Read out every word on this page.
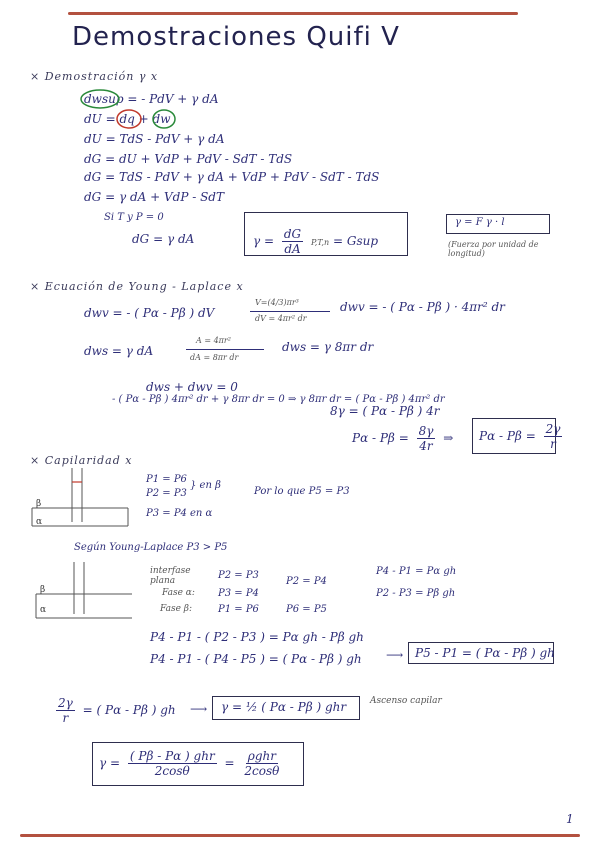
Demostraciones Quifi V
× Demostración γ x
dwsup = - PdV + γ dA
dU = dq + dw
dU = TdS - PdV + γ dA
dG = dU + VdP + PdV - SdT - TdS
dG = TdS - PdV + γ dA + VdP + PdV - SdT - TdS
dG = γ dA + VdP - SdT
Si T y P = 0
dG = γ dA	$\gamma = \frac{dG}{dA} P,T,n$ = Gsup
γ = F γ · l
(Fuerza por unidad de longitud)
× Ecuación de Young - Laplace x
dwv = - ( Pα - Pβ ) dV
V=(4/3)πr³
dV = 4πr² dr
dwv = - ( Pα - Pβ ) · 4πr² dr
dws = γ dA
A = 4πr²
dA = 8πr dr
dws = γ 8πr dr
dws + dwv = 0
- ( Pα - Pβ ) 4πr² dr + γ 8πr dr = 0 ⇒ γ 8πr dr = ( Pα - Pβ ) 4πr² dr
8γ = ( Pα - Pβ ) 4r
$P\alpha - P\beta = \frac{8\gamma}{4r}$ ⇒ $P\alpha - P\beta = \frac{2\gamma}{r}$
× Capilaridad x
β
α
P1 = P6
P2 = P3
} en β
Por lo que P5 = P3
P3 = P4 en α
Según Young-Laplace P3 > P5
β
α
interfase plana
Fase α:
Fase β:
P2 = P3
P3 = P4
P1 = P6
P2 = P4
P6 = P5
P4 - P1 = Pα gh
P2 - P3 = Pβ gh
P4 - P1 - ( P2 - P3 ) = Pα gh - Pβ gh
P4 - P1 - ( P4 - P5 ) = ( Pα - Pβ ) gh ⟶ P5 - P1 = ( Pα - Pβ ) gh
$\frac{2\gamma}{r}$ = ( Pα - Pβ ) gh ⟶ γ = ½ ( Pα - Pβ ) ghr	Ascenso capilar
$\gamma = \frac{\text{( Pβ - Pα ) ghr}}{2\cos\theta} = \frac{\text{ρghr}}{2\cos\theta}$
1
